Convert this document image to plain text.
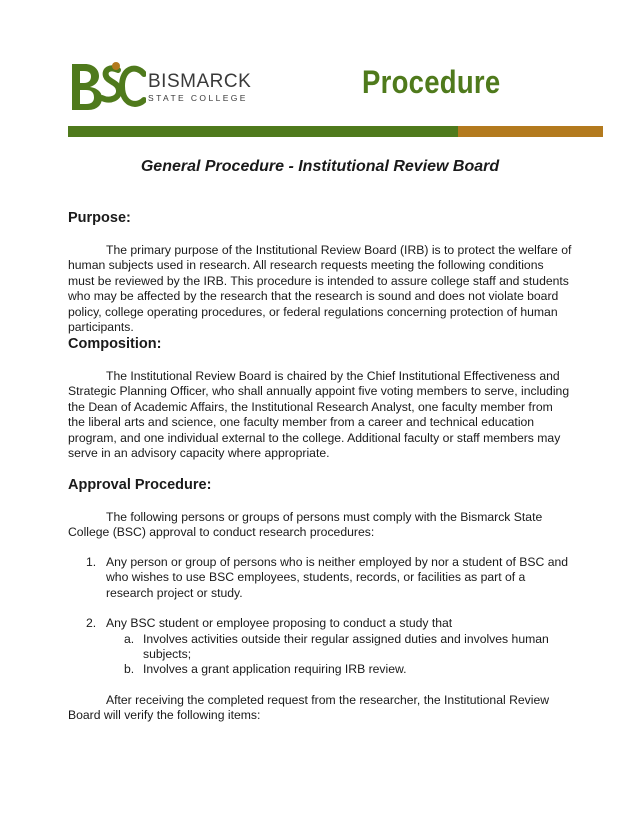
BISMARCK
STATE COLLEGE	Procedure
General Procedure - Institutional Review Board
Purpose:

The primary purpose of the Institutional Review Board (IRB) is to protect the welfare of human subjects used in research. All research requests meeting the following conditions must be reviewed by the IRB. This procedure is intended to assure college staff and students who may be affected by the research that the research is sound and does not violate board policy, college operating procedures, or federal regulations concerning protection of human participants.

Composition:

The Institutional Review Board is chaired by the Chief Institutional Effectiveness and Strategic Planning Officer, who shall annually appoint five voting members to serve, including the Dean of Academic Affairs, the Institutional Research Analyst, one faculty member from the liberal arts and science, one faculty member from a career and technical education program, and one individual external to the college. Additional faculty or staff members may serve in an advisory capacity where appropriate.

Approval Procedure:

The following persons or groups of persons must comply with the Bismarck State College (BSC) approval to conduct research procedures:

1. Any person or group of persons who is neither employed by nor a student of BSC and who wishes to use BSC employees, students, records, or facilities as part of a research project or study.
2. Any BSC student or employee proposing to conduct a study that
a. Involves activities outside their regular assigned duties and involves human subjects;
b. Involves a grant application requiring IRB review.

After receiving the completed request from the researcher, the Institutional Review Board will verify the following items:
